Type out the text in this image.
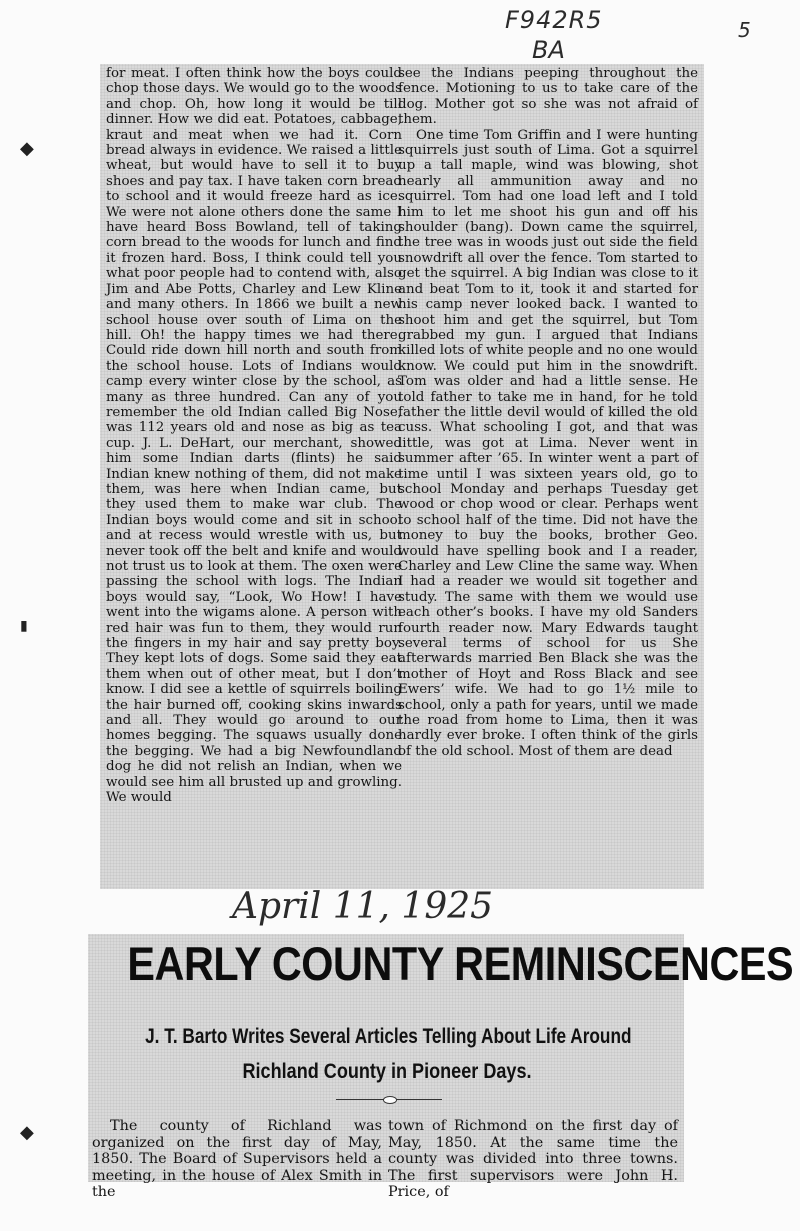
F942R5
BA
5
◆
▮
◆

for meat. I often think how the boys could chop those days. We would go to the woods and chop. Oh, how long it would be till dinner. How we did eat. Potatoes, cabbage, kraut and meat when we had it. Corn bread always in evidence. We raised a little wheat, but would have to sell it to buy shoes and pay tax. I have taken corn bread to school and it would freeze hard as ice. We were not alone others done the same I have heard Boss Bowland, tell of taking corn bread to the woods for lunch and find it frozen hard. Boss, I think could tell you what poor people had to contend with, also Jim and Abe Potts, Charley and Lew Kline and many others. In 1866 we built a new school house over south of Lima on the hill. Oh! the happy times we had there. Could ride down hill north and south from the school house. Lots of Indians would camp every winter close by the school, as many as three hundred. Can any of you remember the old Indian called Big Nose, was 112 years old and nose as big as tea cup. J. L. DeHart, our merchant, showed him some Indian darts (flints) he said Indian knew nothing of them, did not make them, was here when Indian came, but they used them to make war club. The Indian boys would come and sit in school and at recess would wrestle with us, but never took off the belt and knife and would not trust us to look at them. The oxen were passing the school with logs. The Indian boys would say, “Look, Wo How! I have went into the wigams alone. A person with red hair was fun to them, they would run the fingers in my hair and say pretty boy. They kept lots of dogs. Some said they eat them when out of other meat, but I don’t know. I did see a kettle of squirrels boiling the hair burned off, cooking skins inwards and all. They would go around to our homes begging. The squaws usually done the begging. We had a big Newfoundland dog he did not relish an Indian, when we would see him all brusted up and growling. We would

see the Indians peeping throughout the fence. Motioning to us to take care of the dog. Mother got so she was not afraid of them.

One time Tom Griffin and I were hunting squirrels just south of Lima. Got a squirrel up a tall maple, wind was blowing, shot nearly all ammunition away and no squirrel. Tom had one load left and I told him to let me shoot his gun and off his shoulder (bang). Down came the squirrel, the tree was in woods just out side the field snowdrift all over the fence. Tom started to get the squirrel. A big Indian was close to it and beat Tom to it, took it and started for his camp never looked back. I wanted to shoot him and get the squirrel, but Tom grabbed my gun. I argued that Indians killed lots of white people and no one would know. We could put him in the snowdrift. Tom was older and had a little sense. He told father to take me in hand, for he told father the little devil would of killed the old cuss. What schooling I got, and that was little, was got at Lima. Never went in summer after ’65. In winter went a part of time until I was sixteen years old, go to school Monday and perhaps Tuesday get wood or chop wood or clear. Perhaps went to school half of the time. Did not have the money to buy the books, brother Geo. would have spelling book and I a reader, Charley and Lew Cline the same way. When I had a reader we would sit together and study. The same with them we would use each other’s books. I have my old Sanders fourth reader now. Mary Edwards taught several terms of school for us She afterwards married Ben Black she was the mother of Hoyt and Ross Black and see Ewers’ wife. We had to go 1½ mile to school, only a path for years, until we made the road from home to Lima, then it was hardly ever broke. I often think of the girls of the old school. Most of them are dead

April 11, 1925
EARLY COUNTY REMINISCENCES
J. T. Barto Writes Several Articles Telling About Life Around
Richland County in Pioneer Days.
The county of Richland was organized on the first day of May, 1850. The Board of Supervisors held a meeting, in the house of Alex Smith in the
town of Richmond on the first day of May, 1850. At the same time the county was divided into three towns. The first supervisors were John H. Price, of
